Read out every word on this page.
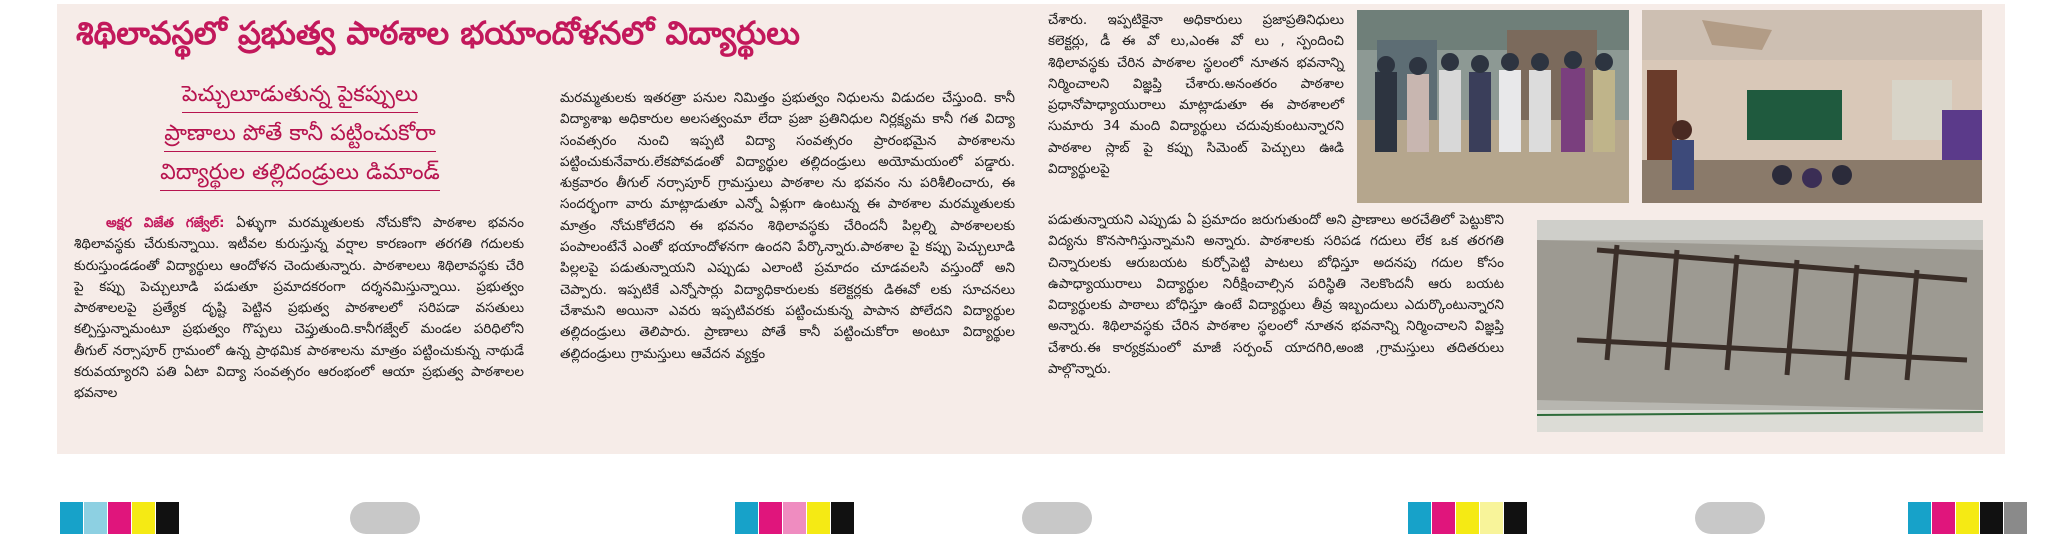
శిథిలావస్థలో ప్రభుత్వ పాఠశాల భయాందోళనలో విద్యార్థులు
పెచ్చులూడుతున్న పైకప్పులు
ప్రాణాలు పోతే కానీ పట్టించుకోరా
విద్యార్థుల తల్లిదండ్రులు డిమాండ్

అక్షర విజేత గజ్వేల్: ఏళ్ళుగా మరమ్మతులకు నోచుకోని పాఠశాల భవనం శిథిలావస్థకు చేరుకున్నాయి. ఇటీవల కురుస్తున్న వర్షాల కారణంగా తరగతి గదులకు కురుస్తుండడంతో విద్యార్థులు ఆందోళన చెందుతున్నారు. పాఠశాలలు శిథిలావస్థకు చేరి పై కప్పు పెచ్చులూడి పడుతూ ప్రమాదకరంగా దర్శనమిస్తున్నాయి. ప్రభుత్వం పాఠశాలలపై ప్రత్యేక దృష్టి పెట్టిన ప్రభుత్వ పాఠశాలలో సరిపడా వసతులు కల్పిస్తున్నామంటూ ప్రభుత్వం గొప్పలు చెప్తుతుంది.కానీగజ్వేల్ మండల పరిధిలోని తీగుల్ నర్సాపూర్ గ్రామంలో ఉన్న ప్రాథమిక పాఠశాలను మాత్రం పట్టించుకున్న నాథుడే కరువయ్యారని పతి ఏటా విద్యా సంవత్సరం ఆరంభంలో ఆయా ప్రభుత్వ పాఠశాలల భవనాల

మరమ్మతులకు ఇతరత్రా పనుల నిమిత్తం ప్రభుత్వం నిధులను విడుదల చేస్తుంది. కానీ విద్యాశాఖ అధికారుల అలసత్వంమా లేదా ప్రజా ప్రతినిధుల నిర్లక్ష్యమ కానీ గత విద్యా సంవత్సరం నుంచి ఇప్పటి విద్యా సంవత్సరం ప్రారంభమైన పాఠశాలను పట్టించుకునేవారు.లేకపోవడంతో విద్యార్థుల తల్లిదండ్రులు అయోమయంలో పడ్డారు. శుక్రవారం తీగుల్ నర్సాపూర్ గ్రామస్తులు పాఠశాల ను భవనం ను పరిశీలించారు, ఈ సందర్భంగా వారు మాట్లాడుతూ ఎన్నో ఏళ్లుగా ఉంటున్న ఈ పాఠశాల మరమ్మతులకు మాత్రం నోచుకోలేదని ఈ భవనం శిథిలావస్థకు చేరిందనీ పిల్లల్ని పాఠశాలలకు పంపాలంటేనే ఎంతో భయాందోళనగా ఉందని పేర్కొన్నారు.పాఠశాల పై కప్పు పెచ్చులూడి పిల్లలపై పడుతున్నాయని ఎప్పుడు ఎలాంటి ప్రమాదం చూడవలసి వస్తుందో అని చెప్పారు. ఇప్పటికే ఎన్నోసార్లు విద్యాధికారులకు కలెక్టర్లకు డిఈవో లకు సూచనలు చేశామని అయినా ఎవరు ఇప్పటివరకు పట్టించుకున్న పాపాన పోలేదని విద్యార్థుల తల్లిదండ్రులు తెలిపారు. ప్రాణాలు పోతే కానీ పట్టించుకోరా అంటూ విద్యార్థుల తల్లిదండ్రులు గ్రామస్తులు ఆవేదన వ్యక్తం

చేశారు. ఇప్పటికైనా అధికారులు ప్రజాప్రతినిధులు కలెక్టర్లు, డీ ఈ వో లు,ఎంఈ వో లు , స్పందించి శిథిలావస్థకు చేరిన పాఠశాల స్థలంలో నూతన భవనాన్ని నిర్మించాలని విజ్ఞప్తి చేశారు.అనంతరం పాఠశాల ప్రధానోపాధ్యాయురాలు మాట్లాడుతూ ఈ పాఠశాలలో సుమారు 34 మంది విద్యార్థులు చదువుకుంటున్నారని పాఠశాల స్లాబ్ పై కప్పు సిమెంట్ పెచ్చులు ఊడి విద్యార్థులపై

పడుతున్నాయని ఎప్పుడు ఏ ప్రమాదం జరుగుతుందో అని ప్రాణాలు అరచేతిలో పెట్టుకొని విద్యను కొనసాగిస్తున్నామని అన్నారు. పాఠశాలకు సరిపడ గదులు లేక ఒక తరగతి చిన్నారులకు ఆరుబయట కుర్చోపెట్టి పాటలు బోధిస్తూ అదనపు గదుల కోసం ఉపాధ్యాయురాలు విద్యార్థుల నిరీక్షించాల్సిన పరిస్థితి నెలకొందనీ ఆరు బయట విద్యార్థులకు పాఠాలు బోధిస్తూ ఉంటే విద్యార్థులు తీవ్ర ఇబ్బందులు ఎదుర్కొంటున్నారని అన్నారు. శిథిలావస్థకు చేరిన పాఠశాల స్థలంలో నూతన భవనాన్ని నిర్మించాలని విజ్ఞప్తి చేశారు.ఈ కార్యక్రమంలో మాజీ సర్పంచ్ యాదగిరి,అంజి ,గ్రామస్తులు తదితరులు పాల్గొన్నారు.
